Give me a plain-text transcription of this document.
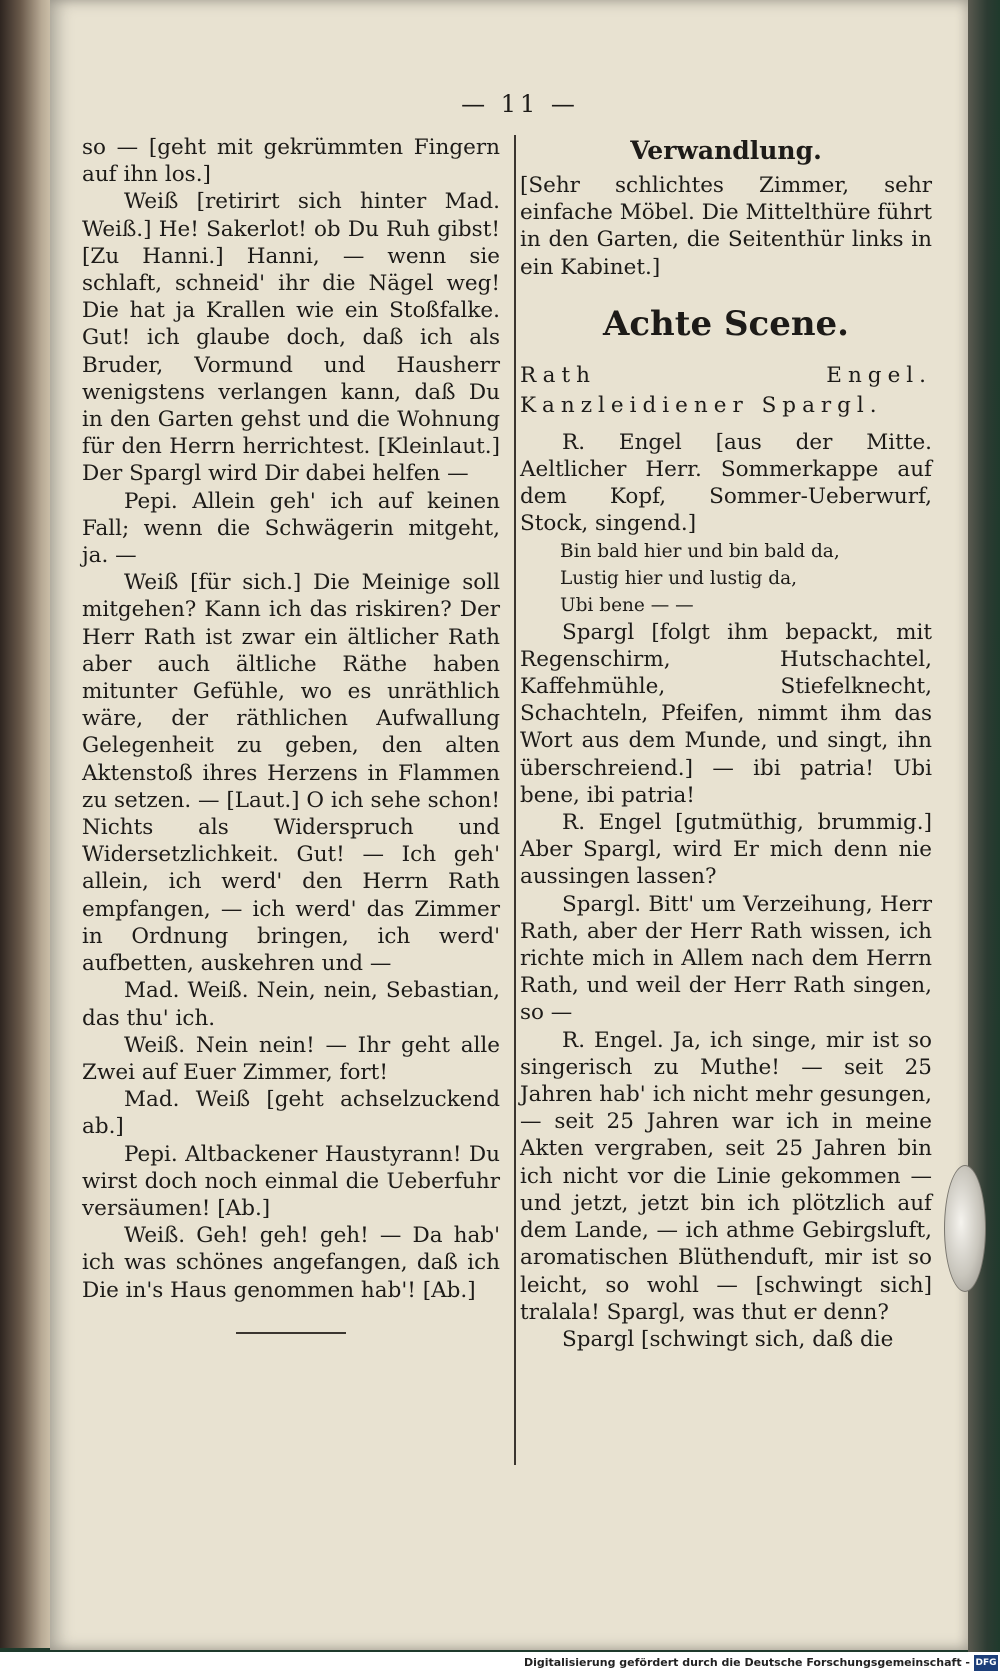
— 11 —

so — [geht mit gekrümmten Fingern auf ihn los.]

Weiß [retirirt sich hinter Mad. Weiß.] He! Sakerlot! ob Du Ruh gibst! [Zu Hanni.] Hanni, — wenn sie schlaft, schneid' ihr die Nägel weg! Die hat ja Krallen wie ein Stoßfalke. Gut! ich glaube doch, daß ich als Bruder, Vormund und Hausherr wenigstens verlangen kann, daß Du in den Garten gehst und die Wohnung für den Herrn herrichtest. [Kleinlaut.] Der Spargl wird Dir dabei helfen —

Pepi. Allein geh' ich auf keinen Fall; wenn die Schwägerin mitgeht, ja. —

Weiß [für sich.] Die Meinige soll mitgehen? Kann ich das riskiren? Der Herr Rath ist zwar ein ältlicher Rath aber auch ältliche Räthe haben mitunter Gefühle, wo es unräthlich wäre, der räthlichen Aufwallung Gelegenheit zu geben, den alten Aktenstoß ihres Herzens in Flammen zu setzen. — [Laut.] O ich sehe schon! Nichts als Widerspruch und Widersetzlichkeit. Gut! — Ich geh' allein, ich werd' den Herrn Rath empfangen, — ich werd' das Zimmer in Ordnung bringen, ich werd' aufbetten, auskehren und —

Mad. Weiß. Nein, nein, Sebastian, das thu' ich.

Weiß. Nein nein! — Ihr geht alle Zwei auf Euer Zimmer, fort!

Mad. Weiß [geht achselzuckend ab.]

Pepi. Altbackener Haustyrann! Du wirst doch noch einmal die Ueberfuhr versäumen! [Ab.]

Weiß. Geh! geh! geh! — Da hab' ich was schönes angefangen, daß ich Die in's Haus genommen hab'! [Ab.]

Verwandlung.

[Sehr schlichtes Zimmer, sehr einfache Möbel. Die Mittelthüre führt in den Garten, die Seitenthür links in ein Kabinet.]

Achte Scene.

Rath Engel. Kanzleidiener Spargl.

R. Engel [aus der Mitte. Aeltlicher Herr. Sommerkappe auf dem Kopf, Sommer-Ueberwurf, Stock, singend.]

Bin bald hier und bin bald da,
Lustig hier und lustig da,
Ubi bene — —

Spargl [folgt ihm bepackt, mit Regenschirm, Hutschachtel, Kaffehmühle, Stiefelknecht, Schachteln, Pfeifen, nimmt ihm das Wort aus dem Munde, und singt, ihn überschreiend.] — ibi patria! Ubi bene, ibi patria!

R. Engel [gutmüthig, brummig.] Aber Spargl, wird Er mich denn nie aussingen lassen?

Spargl. Bitt' um Verzeihung, Herr Rath, aber der Herr Rath wissen, ich richte mich in Allem nach dem Herrn Rath, und weil der Herr Rath singen, so —

R. Engel. Ja, ich singe, mir ist so singerisch zu Muthe! — seit 25 Jahren hab' ich nicht mehr gesungen, — seit 25 Jahren war ich in meine Akten vergraben, seit 25 Jahren bin ich nicht vor die Linie gekommen — und jetzt, jetzt bin ich plötzlich auf dem Lande, — ich athme Gebirgsluft, aromatischen Blüthenduft, mir ist so leicht, so wohl — [schwingt sich] tralala! Spargl, was thut er denn?

Spargl [schwingt sich, daß die

Digitalisierung gefördert durch die Deutsche Forschungsgemeinschaft - DFG
